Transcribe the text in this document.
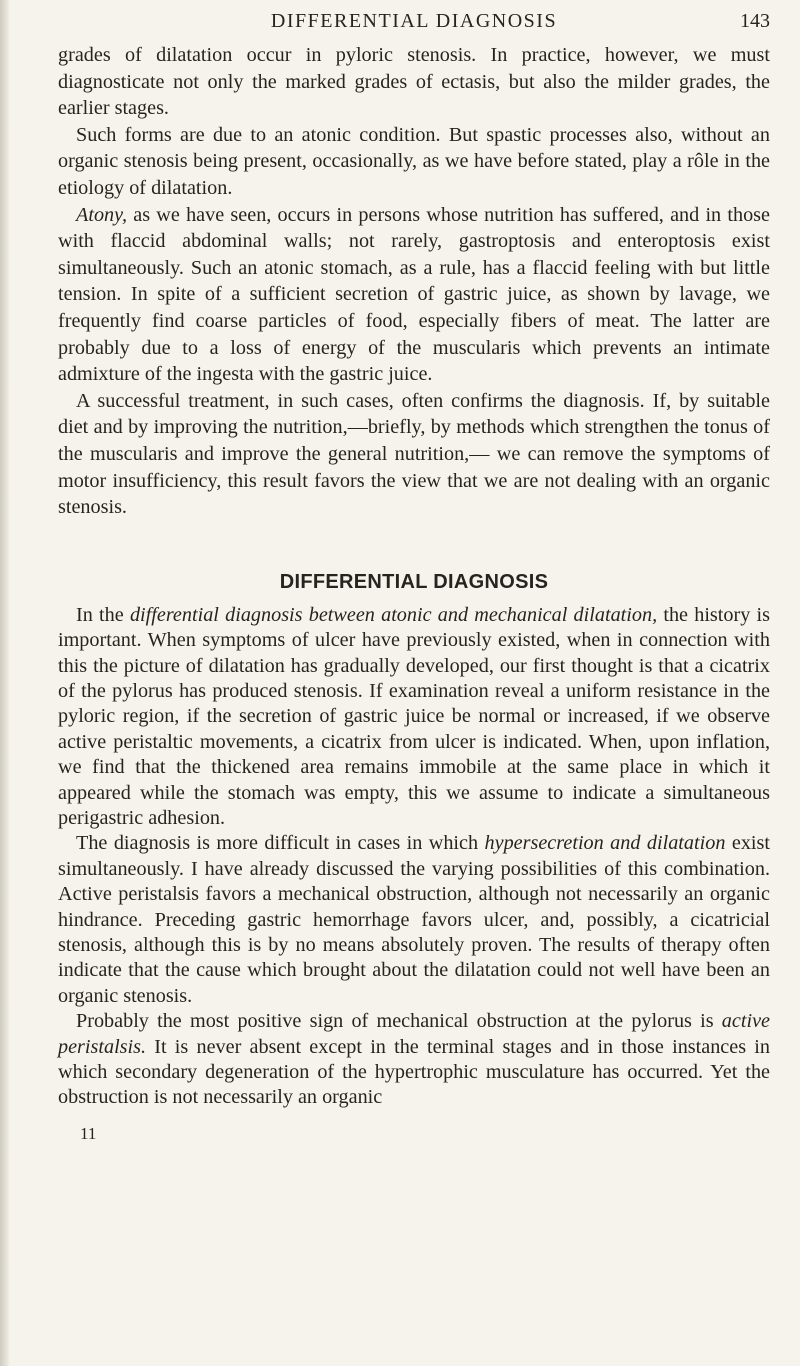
DIFFERENTIAL DIAGNOSIS	143

grades of dilatation occur in pyloric stenosis. In practice, however, we must diagnosticate not only the marked grades of ectasis, but also the milder grades, the earlier stages.

Such forms are due to an atonic condition. But spastic processes also, without an organic stenosis being present, occasionally, as we have before stated, play a rôle in the etiology of dilatation.

Atony, as we have seen, occurs in persons whose nutrition has suffered, and in those with flaccid abdominal walls; not rarely, gastroptosis and enteroptosis exist simultaneously. Such an atonic stomach, as a rule, has a flaccid feeling with but little tension. In spite of a sufficient secretion of gastric juice, as shown by lavage, we frequently find coarse particles of food, especially fibers of meat. The latter are probably due to a loss of energy of the muscularis which prevents an intimate admixture of the ingesta with the gastric juice.

A successful treatment, in such cases, often confirms the diagnosis. If, by suitable diet and by improving the nutrition,—briefly, by methods which strengthen the tonus of the muscularis and improve the general nutrition,— we can remove the symptoms of motor insufficiency, this result favors the view that we are not dealing with an organic stenosis.

DIFFERENTIAL DIAGNOSIS

In the differential diagnosis between atonic and mechanical dilatation, the history is important. When symptoms of ulcer have previously existed, when in connection with this the picture of dilatation has gradually developed, our first thought is that a cicatrix of the pylorus has produced stenosis. If examination reveal a uniform resistance in the pyloric region, if the secretion of gastric juice be normal or increased, if we observe active peristaltic movements, a cicatrix from ulcer is indicated. When, upon inflation, we find that the thickened area remains immobile at the same place in which it appeared while the stomach was empty, this we assume to indicate a simultaneous perigastric adhesion.

The diagnosis is more difficult in cases in which hypersecretion and dilatation exist simultaneously. I have already discussed the varying possibilities of this combination. Active peristalsis favors a mechanical obstruction, although not necessarily an organic hindrance. Preceding gastric hemorrhage favors ulcer, and, possibly, a cicatricial stenosis, although this is by no means absolutely proven. The results of therapy often indicate that the cause which brought about the dilatation could not well have been an organic stenosis.

Probably the most positive sign of mechanical obstruction at the pylorus is active peristalsis. It is never absent except in the terminal stages and in those instances in which secondary degeneration of the hypertrophic musculature has occurred. Yet the obstruction is not necessarily an organic

11
